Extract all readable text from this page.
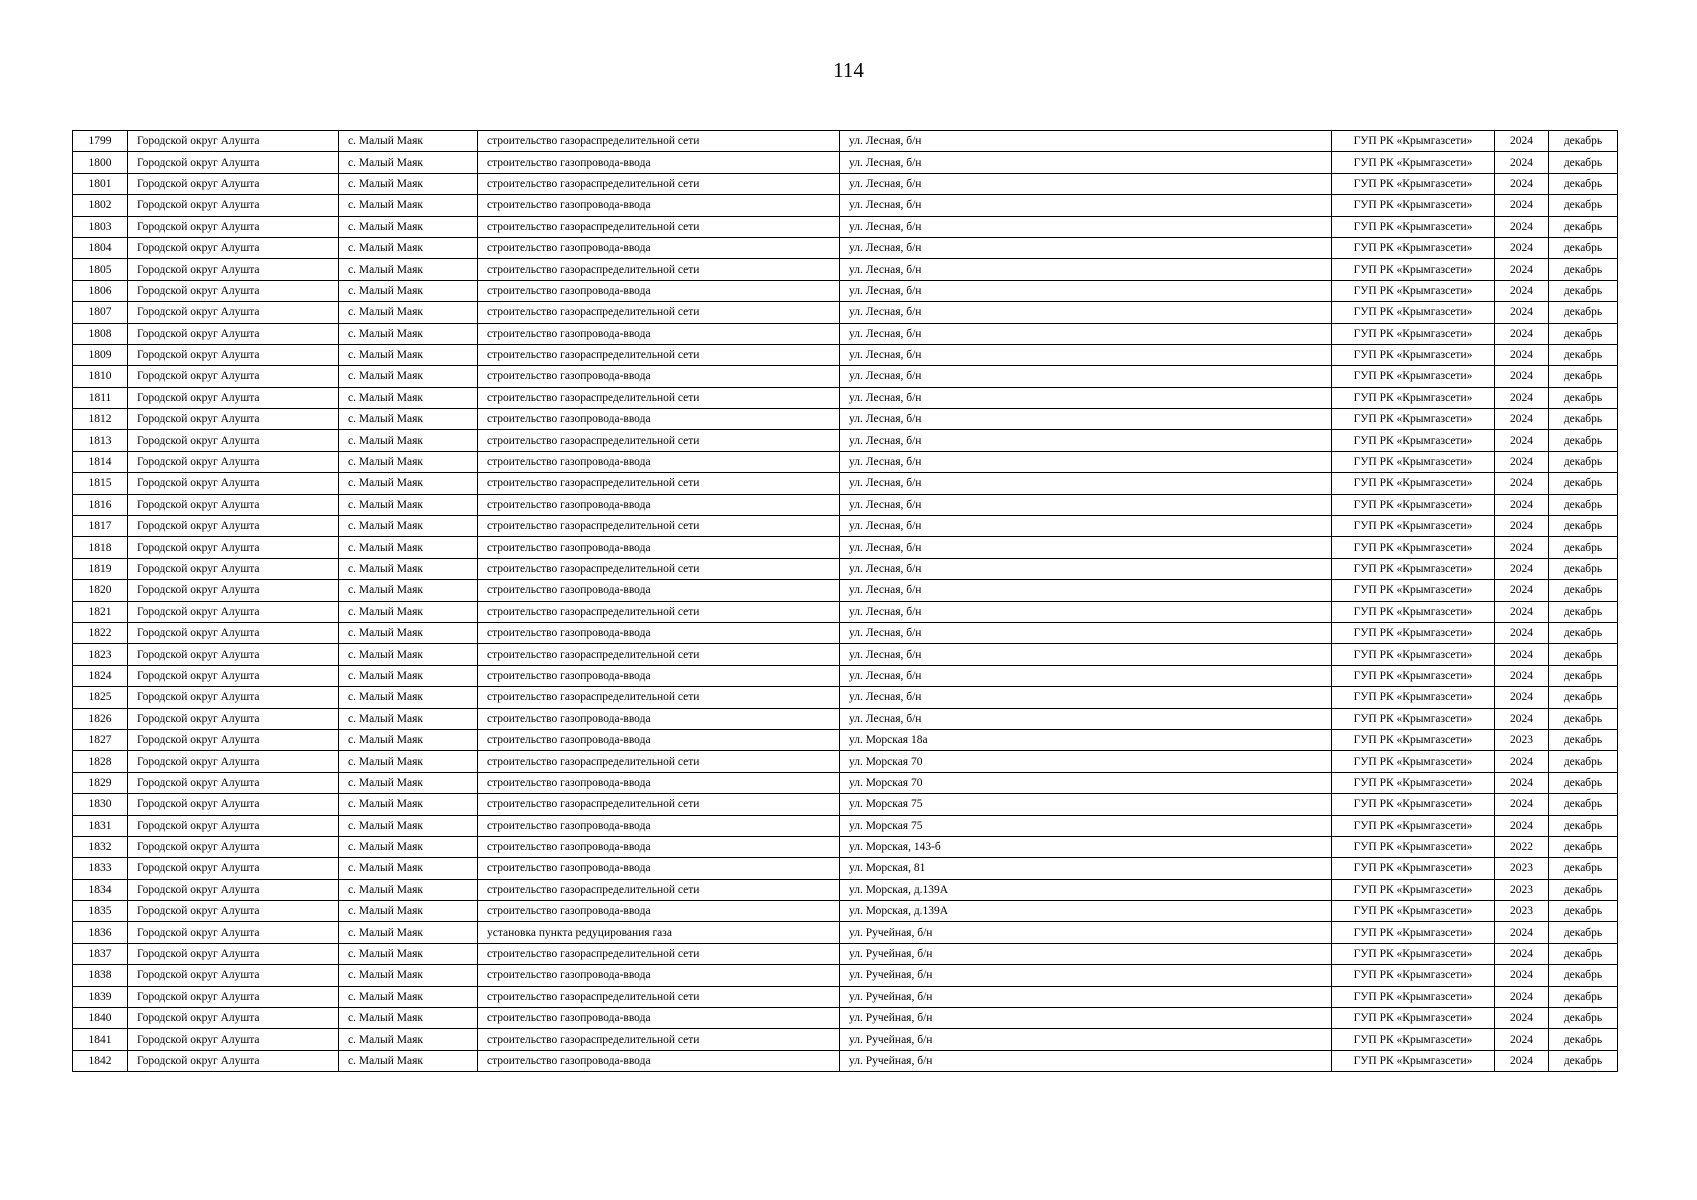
114
1799	Городской округ Алушта	с. Малый Маяк	строительство газораспределительной сети	ул. Лесная, б/н	ГУП РК «Крымгазсети»	2024	декабрь
1800	Городской округ Алушта	с. Малый Маяк	строительство газопровода-ввода	ул. Лесная, б/н	ГУП РК «Крымгазсети»	2024	декабрь
1801	Городской округ Алушта	с. Малый Маяк	строительство газораспределительной сети	ул. Лесная, б/н	ГУП РК «Крымгазсети»	2024	декабрь
1802	Городской округ Алушта	с. Малый Маяк	строительство газопровода-ввода	ул. Лесная, б/н	ГУП РК «Крымгазсети»	2024	декабрь
1803	Городской округ Алушта	с. Малый Маяк	строительство газораспределительной сети	ул. Лесная, б/н	ГУП РК «Крымгазсети»	2024	декабрь
1804	Городской округ Алушта	с. Малый Маяк	строительство газопровода-ввода	ул. Лесная, б/н	ГУП РК «Крымгазсети»	2024	декабрь
1805	Городской округ Алушта	с. Малый Маяк	строительство газораспределительной сети	ул. Лесная, б/н	ГУП РК «Крымгазсети»	2024	декабрь
1806	Городской округ Алушта	с. Малый Маяк	строительство газопровода-ввода	ул. Лесная, б/н	ГУП РК «Крымгазсети»	2024	декабрь
1807	Городской округ Алушта	с. Малый Маяк	строительство газораспределительной сети	ул. Лесная, б/н	ГУП РК «Крымгазсети»	2024	декабрь
1808	Городской округ Алушта	с. Малый Маяк	строительство газопровода-ввода	ул. Лесная, б/н	ГУП РК «Крымгазсети»	2024	декабрь
1809	Городской округ Алушта	с. Малый Маяк	строительство газораспределительной сети	ул. Лесная, б/н	ГУП РК «Крымгазсети»	2024	декабрь
1810	Городской округ Алушта	с. Малый Маяк	строительство газопровода-ввода	ул. Лесная, б/н	ГУП РК «Крымгазсети»	2024	декабрь
1811	Городской округ Алушта	с. Малый Маяк	строительство газораспределительной сети	ул. Лесная, б/н	ГУП РК «Крымгазсети»	2024	декабрь
1812	Городской округ Алушта	с. Малый Маяк	строительство газопровода-ввода	ул. Лесная, б/н	ГУП РК «Крымгазсети»	2024	декабрь
1813	Городской округ Алушта	с. Малый Маяк	строительство газораспределительной сети	ул. Лесная, б/н	ГУП РК «Крымгазсети»	2024	декабрь
1814	Городской округ Алушта	с. Малый Маяк	строительство газопровода-ввода	ул. Лесная, б/н	ГУП РК «Крымгазсети»	2024	декабрь
1815	Городской округ Алушта	с. Малый Маяк	строительство газораспределительной сети	ул. Лесная, б/н	ГУП РК «Крымгазсети»	2024	декабрь
1816	Городской округ Алушта	с. Малый Маяк	строительство газопровода-ввода	ул. Лесная, б/н	ГУП РК «Крымгазсети»	2024	декабрь
1817	Городской округ Алушта	с. Малый Маяк	строительство газораспределительной сети	ул. Лесная, б/н	ГУП РК «Крымгазсети»	2024	декабрь
1818	Городской округ Алушта	с. Малый Маяк	строительство газопровода-ввода	ул. Лесная, б/н	ГУП РК «Крымгазсети»	2024	декабрь
1819	Городской округ Алушта	с. Малый Маяк	строительство газораспределительной сети	ул. Лесная, б/н	ГУП РК «Крымгазсети»	2024	декабрь
1820	Городской округ Алушта	с. Малый Маяк	строительство газопровода-ввода	ул. Лесная, б/н	ГУП РК «Крымгазсети»	2024	декабрь
1821	Городской округ Алушта	с. Малый Маяк	строительство газораспределительной сети	ул. Лесная, б/н	ГУП РК «Крымгазсети»	2024	декабрь
1822	Городской округ Алушта	с. Малый Маяк	строительство газопровода-ввода	ул. Лесная, б/н	ГУП РК «Крымгазсети»	2024	декабрь
1823	Городской округ Алушта	с. Малый Маяк	строительство газораспределительной сети	ул. Лесная, б/н	ГУП РК «Крымгазсети»	2024	декабрь
1824	Городской округ Алушта	с. Малый Маяк	строительство газопровода-ввода	ул. Лесная, б/н	ГУП РК «Крымгазсети»	2024	декабрь
1825	Городской округ Алушта	с. Малый Маяк	строительство газораспределительной сети	ул. Лесная, б/н	ГУП РК «Крымгазсети»	2024	декабрь
1826	Городской округ Алушта	с. Малый Маяк	строительство газопровода-ввода	ул. Лесная, б/н	ГУП РК «Крымгазсети»	2024	декабрь
1827	Городской округ Алушта	с. Малый Маяк	строительство газопровода-ввода	ул. Морская 18а	ГУП РК «Крымгазсети»	2023	декабрь
1828	Городской округ Алушта	с. Малый Маяк	строительство газораспределительной сети	ул. Морская 70	ГУП РК «Крымгазсети»	2024	декабрь
1829	Городской округ Алушта	с. Малый Маяк	строительство газопровода-ввода	ул. Морская 70	ГУП РК «Крымгазсети»	2024	декабрь
1830	Городской округ Алушта	с. Малый Маяк	строительство газораспределительной сети	ул. Морская 75	ГУП РК «Крымгазсети»	2024	декабрь
1831	Городской округ Алушта	с. Малый Маяк	строительство газопровода-ввода	ул. Морская 75	ГУП РК «Крымгазсети»	2024	декабрь
1832	Городской округ Алушта	с. Малый Маяк	строительство газопровода-ввода	ул. Морская, 143-б	ГУП РК «Крымгазсети»	2022	декабрь
1833	Городской округ Алушта	с. Малый Маяк	строительство газопровода-ввода	ул. Морская, 81	ГУП РК «Крымгазсети»	2023	декабрь
1834	Городской округ Алушта	с. Малый Маяк	строительство газораспределительной сети	ул. Морская, д.139А	ГУП РК «Крымгазсети»	2023	декабрь
1835	Городской округ Алушта	с. Малый Маяк	строительство газопровода-ввода	ул. Морская, д.139А	ГУП РК «Крымгазсети»	2023	декабрь
1836	Городской округ Алушта	с. Малый Маяк	установка пункта редуцирования газа	ул. Ручейная, б/н	ГУП РК «Крымгазсети»	2024	декабрь
1837	Городской округ Алушта	с. Малый Маяк	строительство газораспределительной сети	ул. Ручейная, б/н	ГУП РК «Крымгазсети»	2024	декабрь
1838	Городской округ Алушта	с. Малый Маяк	строительство газопровода-ввода	ул. Ручейная, б/н	ГУП РК «Крымгазсети»	2024	декабрь
1839	Городской округ Алушта	с. Малый Маяк	строительство газораспределительной сети	ул. Ручейная, б/н	ГУП РК «Крымгазсети»	2024	декабрь
1840	Городской округ Алушта	с. Малый Маяк	строительство газопровода-ввода	ул. Ручейная, б/н	ГУП РК «Крымгазсети»	2024	декабрь
1841	Городской округ Алушта	с. Малый Маяк	строительство газораспределительной сети	ул. Ручейная, б/н	ГУП РК «Крымгазсети»	2024	декабрь
1842	Городской округ Алушта	с. Малый Маяк	строительство газопровода-ввода	ул. Ручейная, б/н	ГУП РК «Крымгазсети»	2024	декабрь
